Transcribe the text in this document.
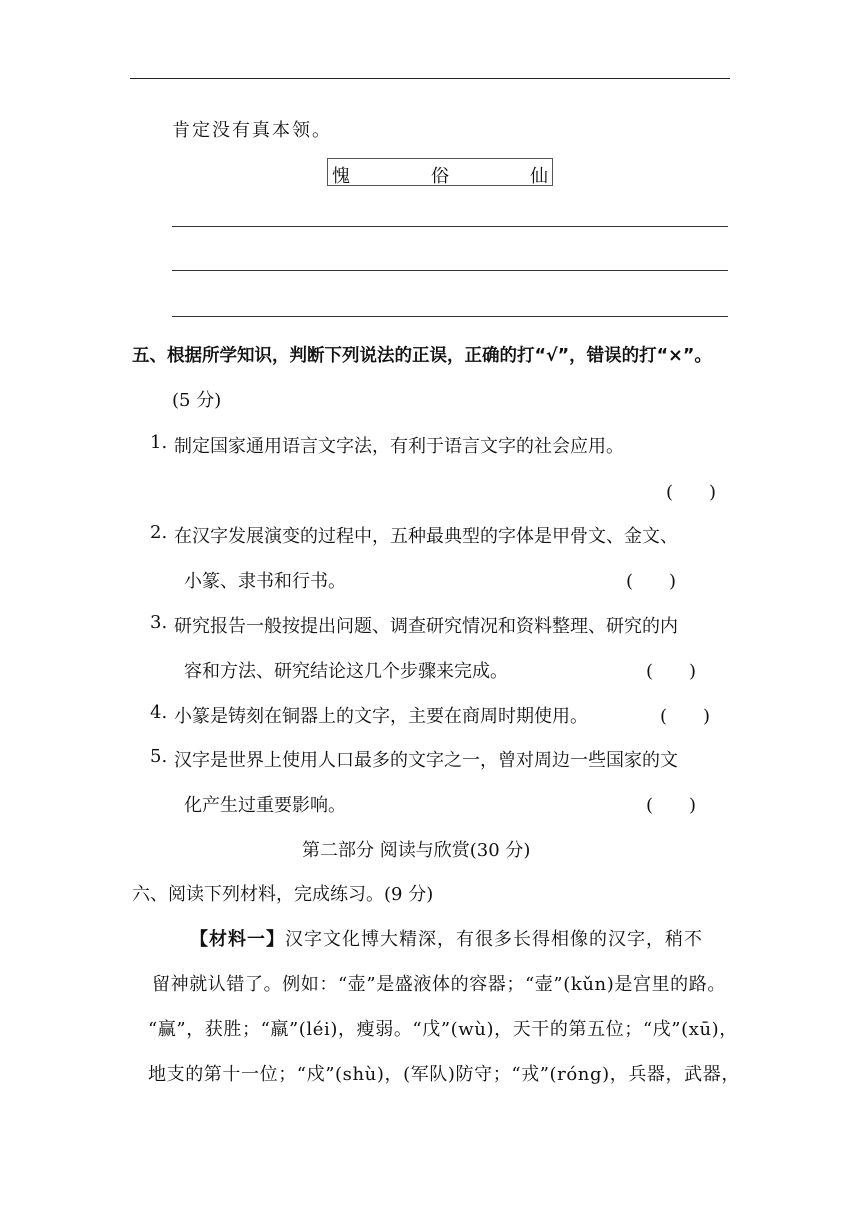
肯定没有真本领。
愧	俗	仙
五、根据所学知识，判断下列说法的正误，正确的打“√”，错误的打“×”。
(5 分)
1. 制定国家通用语言文字法，有利于语言文字的社会应用。
(　　)
2. 在汉字发展演变的过程中，五种最典型的字体是甲骨文、金文、
小篆、隶书和行书。	(　　)
3. 研究报告一般按提出问题、调查研究情况和资料整理、研究的内
容和方法、研究结论这几个步骤来完成。	(　　)
4. 小篆是铸刻在铜器上的文字，主要在商周时期使用。	(　　)
5. 汉字是世界上使用人口最多的文字之一，曾对周边一些国家的文
化产生过重要影响。	(　　)
第二部分 阅读与欣赏(30 分)
六、阅读下列材料，完成练习。(9 分)
【材料一】汉字文化博大精深，有很多长得相像的汉字，稍不
留神就认错了。例如：“壶”是盛液体的容器；“壸”(kǔn)是宫里的路。
“赢”，获胜；“羸”(léi)，瘦弱。“戊”(wù)，天干的第五位；“戌”(xū)，
地支的第十一位；“戍”(shù)，(军队)防守；“戎”(róng)，兵器，武器，
